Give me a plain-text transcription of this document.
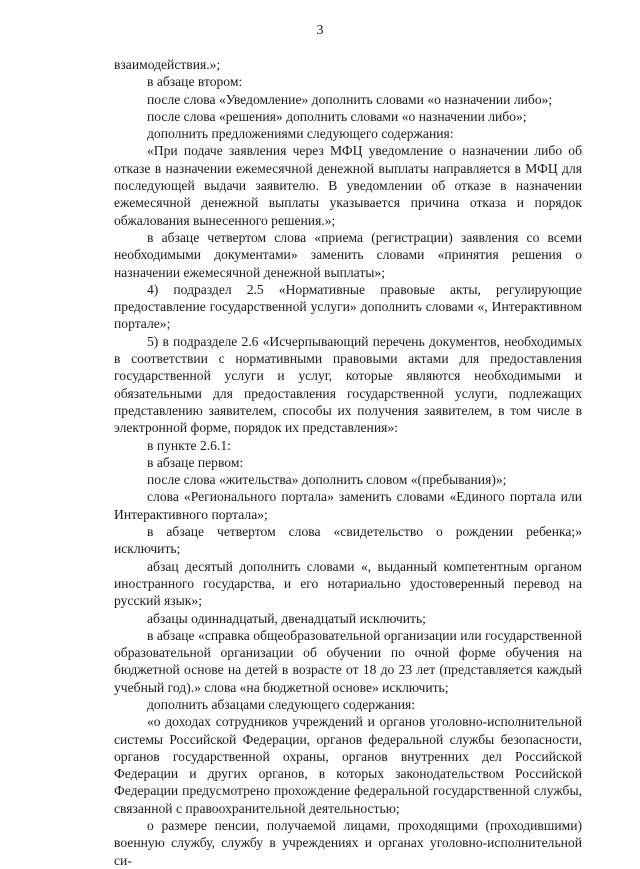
3

взаимодействия.»;

в абзаце втором:

после слова «Уведомление» дополнить словами «о назначении либо»;

после слова «решения» дополнить словами «о назначении либо»;

дополнить предложениями следующего содержания:

«При подаче заявления через МФЦ уведомление о назначении либо об отказе в назначении ежемесячной денежной выплаты направляется в МФЦ для последующей выдачи заявителю. В уведомлении об отказе в назначении ежемесячной денежной выплаты указывается причина отказа и порядок обжалования вынесенного решения.»;

в абзаце четвертом слова «приема (регистрации) заявления со всеми необходимыми документами» заменить словами «принятия решения о назначении ежемесячной денежной выплаты»;

4) подраздел 2.5 «Нормативные правовые акты, регулирующие предоставление государственной услуги» дополнить словами «, Интерактивном портале»;

5) в подразделе 2.6 «Исчерпывающий перечень документов, необходимых в соответствии с нормативными правовыми актами для предоставления государственной услуги и услуг, которые являются необходимыми и обязательными для предоставления государственной услуги, подлежащих представлению заявителем, способы их получения заявителем, в том числе в электронной форме, порядок их представления»:

в пункте 2.6.1:

в абзаце первом:

после слова «жительства» дополнить словом «(пребывания)»;

слова «Регионального портала» заменить словами «Единого портала или Интерактивного портала»;

в абзаце четвертом слова «свидетельство о рождении ребенка;» исключить;

абзац десятый дополнить словами «, выданный компетентным органом иностранного государства, и его нотариально удостоверенный перевод на русский язык»;

абзацы одиннадцатый, двенадцатый исключить;

в абзаце «справка общеобразовательной организации или государственной образовательной организации об обучении по очной форме обучения на бюджетной основе на детей в возрасте от 18 до 23 лет (представляется каждый учебный год).» слова «на бюджетной основе» исключить;

дополнить абзацами следующего содержания:

«о доходах сотрудников учреждений и органов уголовно-исполнительной системы Российской Федерации, органов федеральной службы безопасности, органов государственной охраны, органов внутренних дел Российской Федерации и других органов, в которых законодательством Российской Федерации предусмотрено прохождение федеральной государственной службы, связанной с правоохранительной деятельностью;

о размере пенсии, получаемой лицами, проходящими (проходившими) военную службу, службу в учреждениях и органах уголовно-исполнительной си-
